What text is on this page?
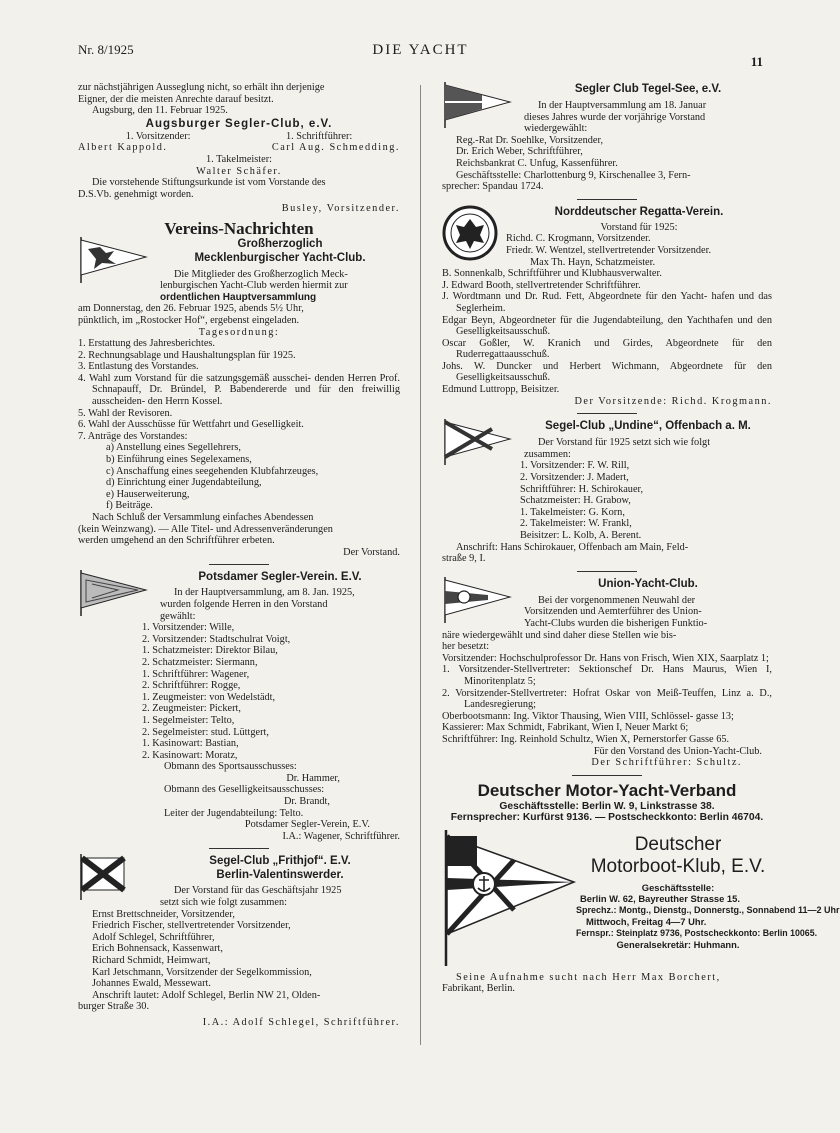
Nr. 8/1925	DIE YACHT
11

zur nächstjährigen Ausseglung nicht, so erhält ihn derjenige

Eigner, der die meisten Anrechte darauf besitzt.

Augsburg, den 11. Februar 1925.

Augsburger Segler-Club, e.V.

1. Vorsitzender:	1. Schriftführer:
Albert Kappold.	Carl Aug. Schmedding.

1. Takelmeister:

Walter Schäfer.

Die vorstehende Stiftungsurkunde ist vom Vorstande des

D.S.Vb. genehmigt worden.

Busley, Vorsitzender.

Vereins-Nachrichten

Großherzoglich

Mecklenburgischer Yacht-Club.

Die Mitglieder des Großherzoglich Meck-

lenburgischen Yacht-Club werden hiermit zur

ordentlichen Hauptversammlung

am Donnerstag, den 26. Februar 1925, abends 5½ Uhr,

pünktlich, im „Rostocker Hof“, ergebenst eingeladen.

Tagesordnung:

1. Erstattung des Jahresberichtes.

2. Rechnungsablage und Haushaltungsplan für 1925.

3. Entlastung des Vorstandes.

4. Wahl zum Vorstand für die satzungsgemäß ausschei- denden Herren Prof. Schnapauff, Dr. Bründel, P. Babendererde und für den freiwillig ausscheiden- den Herrn Kossel.

5. Wahl der Revisoren.

6. Wahl der Ausschüsse für Wettfahrt und Geselligkeit.

7. Anträge des Vorstandes:

a) Anstellung eines Segellehrers,

b) Einführung eines Segelexamens,

c) Anschaffung eines seegehenden Klubfahrzeuges,

d) Einrichtung einer Jugendabteilung,

e) Hauserweiterung,

f) Beiträge.

Nach Schluß der Versammlung einfaches Abendessen

(kein Weinzwang). — Alle Titel- und Adressenveränderungen

werden umgehend an den Schriftführer erbeten.

Der Vorstand.

Potsdamer Segler-Verein. E.V.

In der Hauptversammlung, am 8. Jan. 1925,

wurden folgende Herren in den Vorstand

gewählt:

1. Vorsitzender: Wille,

2. Vorsitzender: Stadtschulrat Voigt,

1. Schatzmeister: Direktor Bilau,

2. Schatzmeister: Siermann,

1. Schriftführer: Wagener,

2. Schriftführer: Rogge,

1. Zeugmeister: von Wedelstädt,

2. Zeugmeister: Pickert,

1. Segelmeister: Telto,

2. Segelmeister: stud. Lüttgert,

1. Kasinowart: Bastian,

2. Kasinowart: Moratz,

Obmann des Sportsausschusses:

Dr. Hammer,

Obmann des Geselligkeitsausschusses:

Dr. Brandt,

Leiter der Jugendabteilung: Telto.

Potsdamer Segler-Verein, E.V.

I.A.: Wagener, Schriftführer.

Segel-Club „Frithjof“. E.V.

Berlin-Valentinswerder.

Der Vorstand für das Geschäftsjahr 1925

setzt sich wie folgt zusammen:

Ernst Brettschneider, Vorsitzender,

Friedrich Fischer, stellvertretender Vorsitzender,

Adolf Schlegel, Schriftführer,

Erich Bohnensack, Kassenwart,

Richard Schmidt, Heimwart,

Karl Jetschmann, Vorsitzender der Segelkommission,

Johannes Ewald, Messewart.

Anschrift lautet: Adolf Schlegel, Berlin NW 21, Olden-

burger Straße 30.

I.A.: Adolf Schlegel, Schriftführer.

Segler Club Tegel-See, e.V.

In der Hauptversammlung am 18. Januar

dieses Jahres wurde der vorjährige Vorstand

wiedergewählt:

Reg.-Rat Dr. Soehlke, Vorsitzender,

Dr. Erich Weber, Schriftführer,

Reichsbankrat C. Unfug, Kassenführer.

Geschäftsstelle: Charlottenburg 9, Kirschenallee 3, Fern-

sprecher: Spandau 1724.

Norddeutscher Regatta-Verein.

Vorstand für 1925:

Richd. C. Krogmann, Vorsitzender.

Friedr. W. Wentzel, stellvertretender Vorsitzender.

Max Th. Hayn, Schatzmeister.

B. Sonnenkalb, Schriftführer und Klubhausverwalter.

J. Edward Booth, stellvertretender Schriftführer.

J. Wordtmann und Dr. Rud. Fett, Abgeordnete für den Yacht- hafen und das Seglerheim.

Edgar Beyn, Abgeordneter für die Jugendabteilung, den Yachthafen und den Geselligkeitsausschuß.

Oscar Goßler, W. Kranich und Girdes, Abgeordnete für den Ruderregattaausschuß.

Johs. W. Duncker und Herbert Wichmann, Abgeordnete für den Geselligkeitsausschuß.

Edmund Luttropp, Beisitzer.

Der Vorsitzende: Richd. Krogmann.

Segel-Club „Undine“, Offenbach a. M.

Der Vorstand für 1925 setzt sich wie folgt

zusammen:

1. Vorsitzender: F. W. Rill,

2. Vorsitzender: J. Madert,

Schriftführer: H. Schirokauer,

Schatzmeister: H. Grabow,

1. Takelmeister: G. Korn,

2. Takelmeister: W. Frankl,

Beisitzer: L. Kolb, A. Berent.

Anschrift: Hans Schirokauer, Offenbach am Main, Feld-

straße 9, I.

Union-Yacht-Club.

Bei der vorgenommenen Neuwahl der

Vorsitzenden und Aemterführer des Union-

Yacht-Clubs wurden die bisherigen Funktio-

näre wiedergewählt und sind daher diese Stellen wie bis-

her besetzt:

Vorsitzender: Hochschulprofessor Dr. Hans von Frisch, Wien XIX, Saarplatz 1;

1. Vorsitzender-Stellvertreter: Sektionschef Dr. Hans Maurus, Wien I, Minoritenplatz 5;

2. Vorsitzender-Stellvertreter: Hofrat Oskar von Meiß-Teuffen, Linz a. D., Landesregierung;

Oberbootsmann: Ing. Viktor Thausing, Wien VIII, Schlössel- gasse 13;

Kassierer: Max Schmidt, Fabrikant, Wien I, Neuer Markt 6;

Schriftführer: Ing. Reinhold Schultz, Wien X, Pernerstorfer Gasse 65.

Für den Vorstand des Union-Yacht-Club.

Der Schriftführer: Schultz.

Deutscher Motor-Yacht-Verband

Geschäftsstelle: Berlin W. 9, Linkstrasse 38.

Fernsprecher: Kurfürst 9136. — Postscheckkonto: Berlin 46704.

Deutscher
Motorboot-Klub, E.V.
Geschäftsstelle:
Berlin W. 62, Bayreuther Strasse 15.
Sprechz.: Montg., Dienstg., Donnerstg., Sonnabend 11—2 Uhr
Mittwoch, Freitag 4—7 Uhr.
Fernspr.: Steinplatz 9736, Postscheckkonto: Berlin 10065.
Generalsekretär: Huhmann.

Seine Aufnahme sucht nach Herr Max Borchert,

Fabrikant, Berlin.
